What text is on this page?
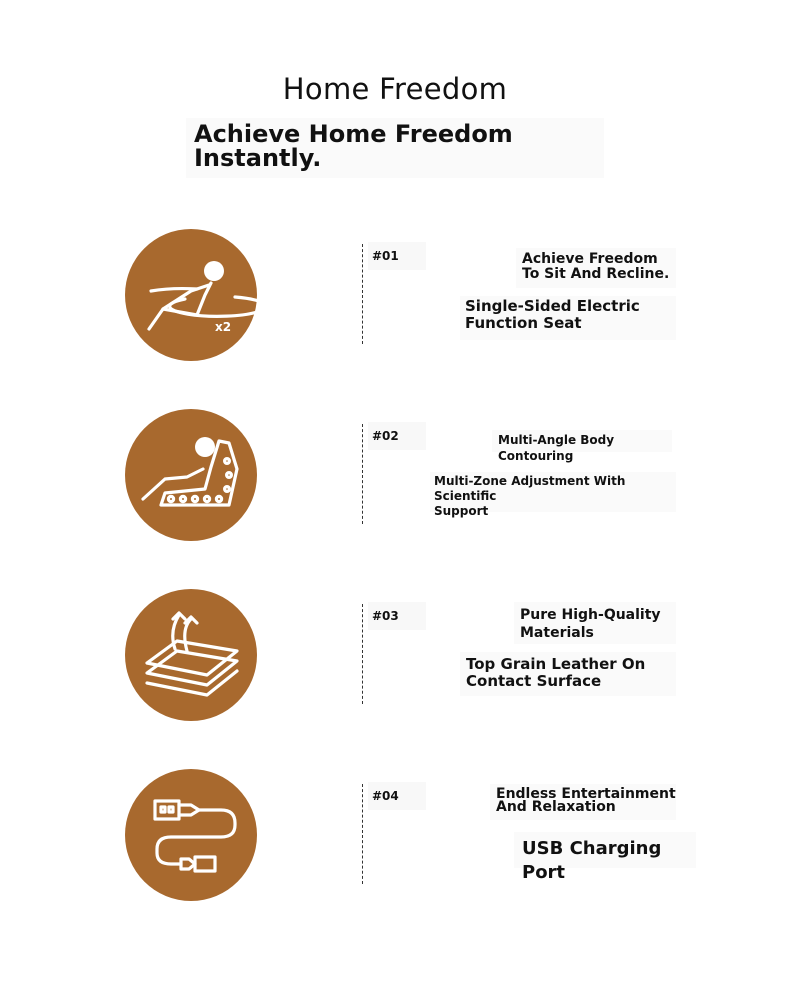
Home Freedom
Achieve Home Freedom
Instantly.
x2
#01	Achieve Freedom
To Sit And Recline.
Single-Sided Electric
Function Seat
#02	Multi-Angle Body Contouring
Multi-Zone Adjustment With Scientific
Support
#03	Pure High-Quality
Materials
Top Grain Leather On
Contact Surface
#04	Endless Entertainment
And Relaxation
USB Charging Port
